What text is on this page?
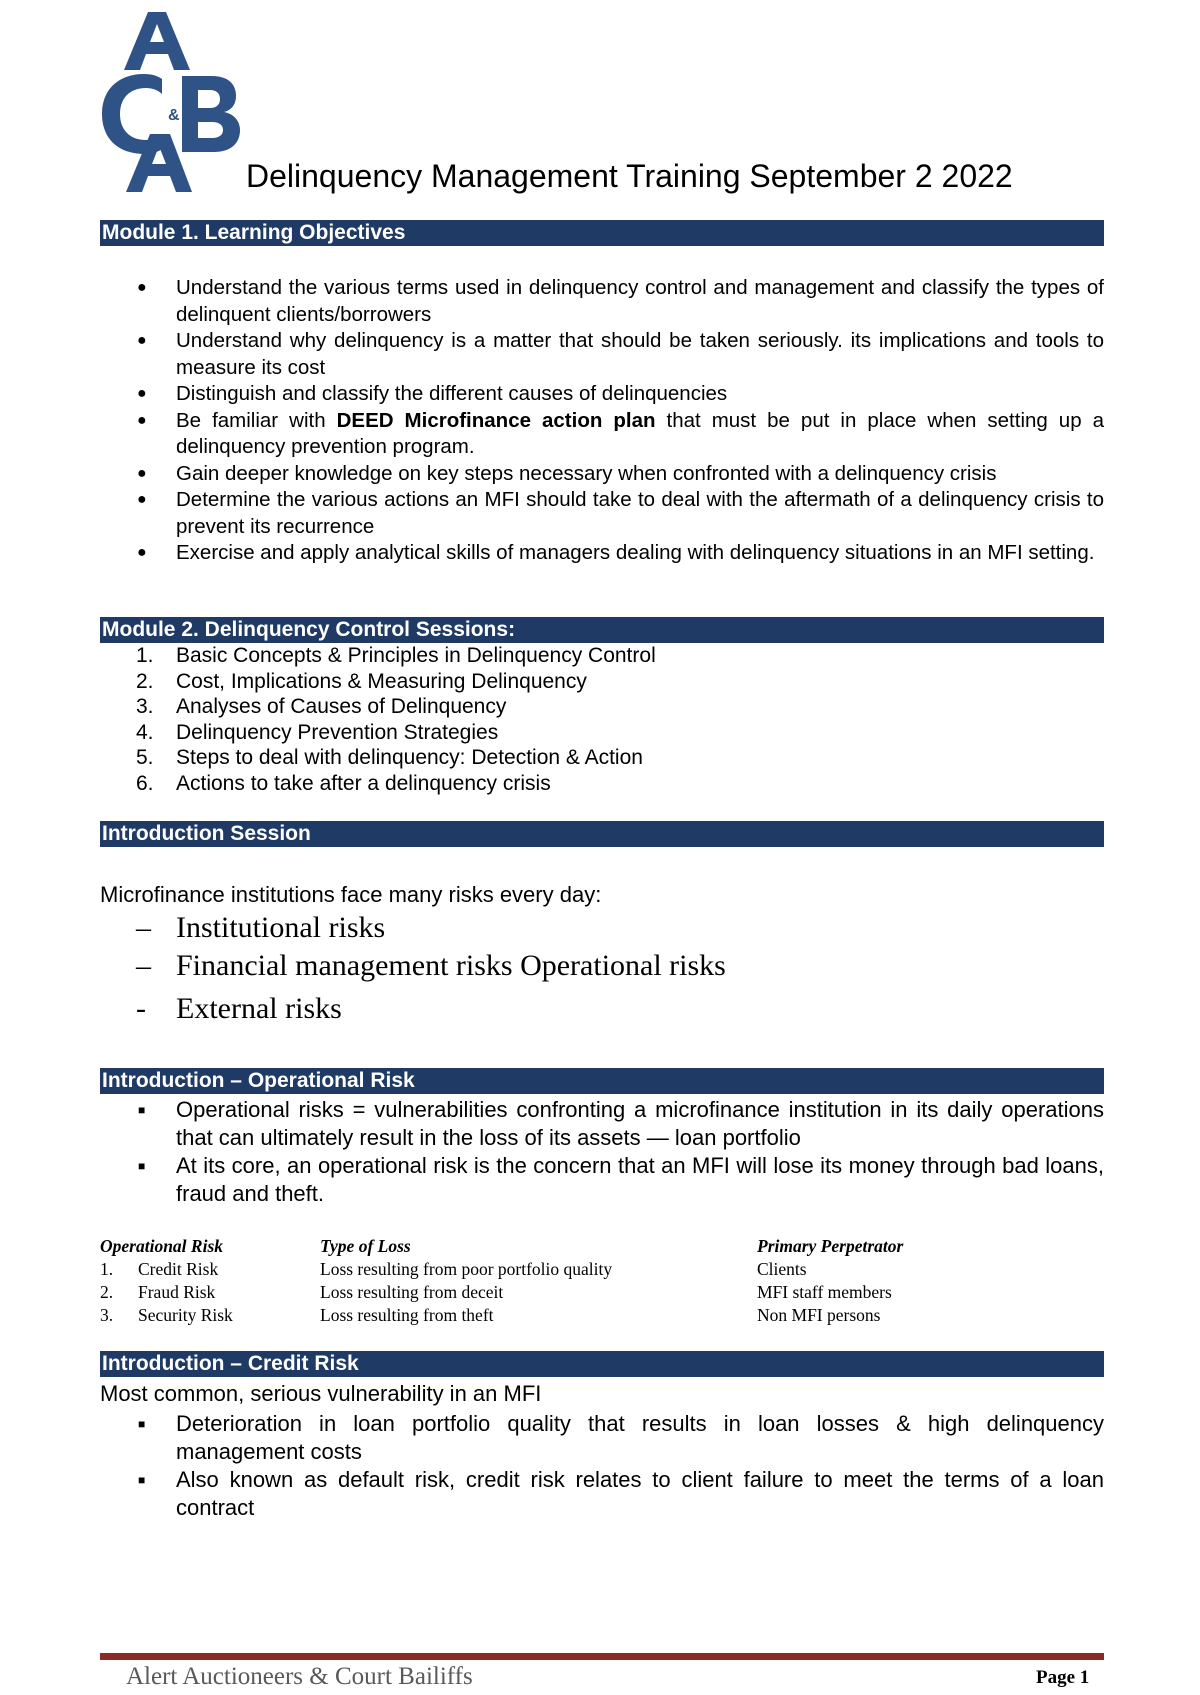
&
Delinquency Management Training September 2 2022
Module 1. Learning Objectives
● Understand the various terms used in delinquency control and management and classify the types of delinquent clients/borrowers
● Understand why delinquency is a matter that should be taken seriously. its implications and tools to measure its cost
● Distinguish and classify the different causes of delinquencies
● Be familiar with DEED Microfinance action plan that must be put in place when setting up a delinquency prevention program.
● Gain deeper knowledge on key steps necessary when confronted with a delinquency crisis
● Determine the various actions an MFI should take to deal with the aftermath of a delinquency crisis to prevent its recurrence
● Exercise and apply analytical skills of managers dealing with delinquency situations in an MFI setting.
Module 2. Delinquency Control Sessions:
1. Basic Concepts & Principles in Delinquency Control
2. Cost, Implications & Measuring Delinquency
3. Analyses of Causes of Delinquency
4. Delinquency Prevention Strategies
5. Steps to deal with delinquency: Detection & Action
6. Actions to take after a delinquency crisis
Introduction Session
Microfinance institutions face many risks every day:
– Institutional risks
– Financial management risks Operational risks
- External risks
Introduction – Operational Risk
■ Operational risks = vulnerabilities confronting a microfinance institution in its daily operations that can ultimately result in the loss of its assets — loan portfolio
■ At its core, an operational risk is the concern that an MFI will lose its money through bad loans, fraud and theft.
Operational Risk	Type of Loss	Primary Perpetrator
1. Credit Risk	Loss resulting from poor portfolio quality	Clients
2. Fraud Risk	Loss resulting from deceit	MFI staff members
3. Security Risk	Loss resulting from theft	Non MFI persons
Introduction – Credit Risk
Most common, serious vulnerability in an MFI
■ Deterioration in loan portfolio quality that results in loan losses & high delinquency management costs
■ Also known as default risk, credit risk relates to client failure to meet the terms of a loan contract
Alert Auctioneers & Court Bailiffs	Page 1
